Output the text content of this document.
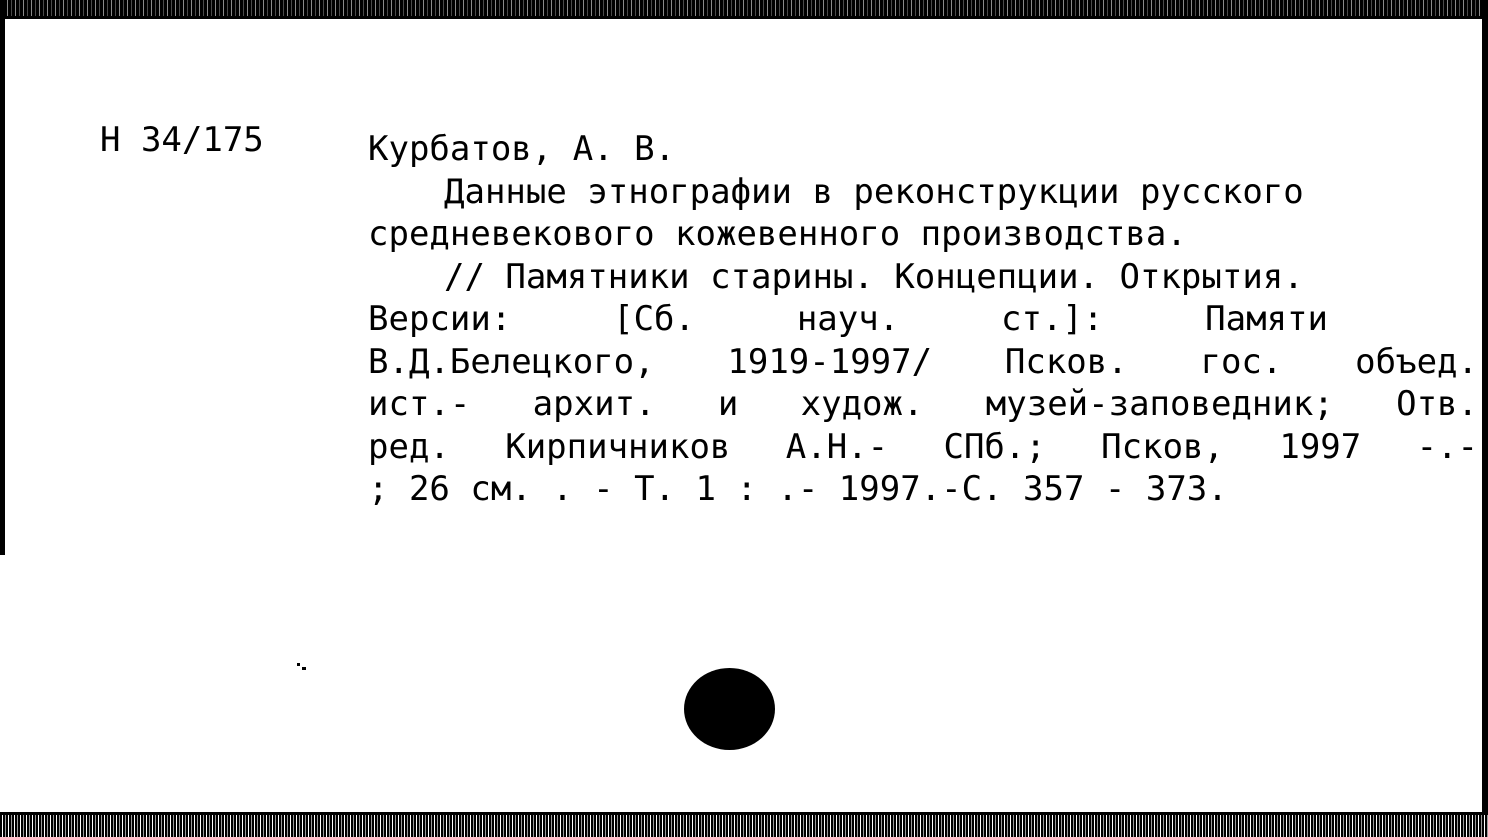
Н 34/175	Курбатов, А. В.
Данные этнографии в реконструкции русского
средневекового кожевенного производства.
// Памятники старины. Концепции. Открытия.
Версии: [Сб. науч. ст.]: Памяти
В.Д.Белецкого, 1919-1997/ Псков. гос. объед.
ист.- архит. и худож. музей-заповедник; Отв.
ред. Кирпичников А.Н.- СПб.; Псков, 1997 -.-
; 26 см. . - Т. 1 : .- 1997.-С. 357 - 373.
